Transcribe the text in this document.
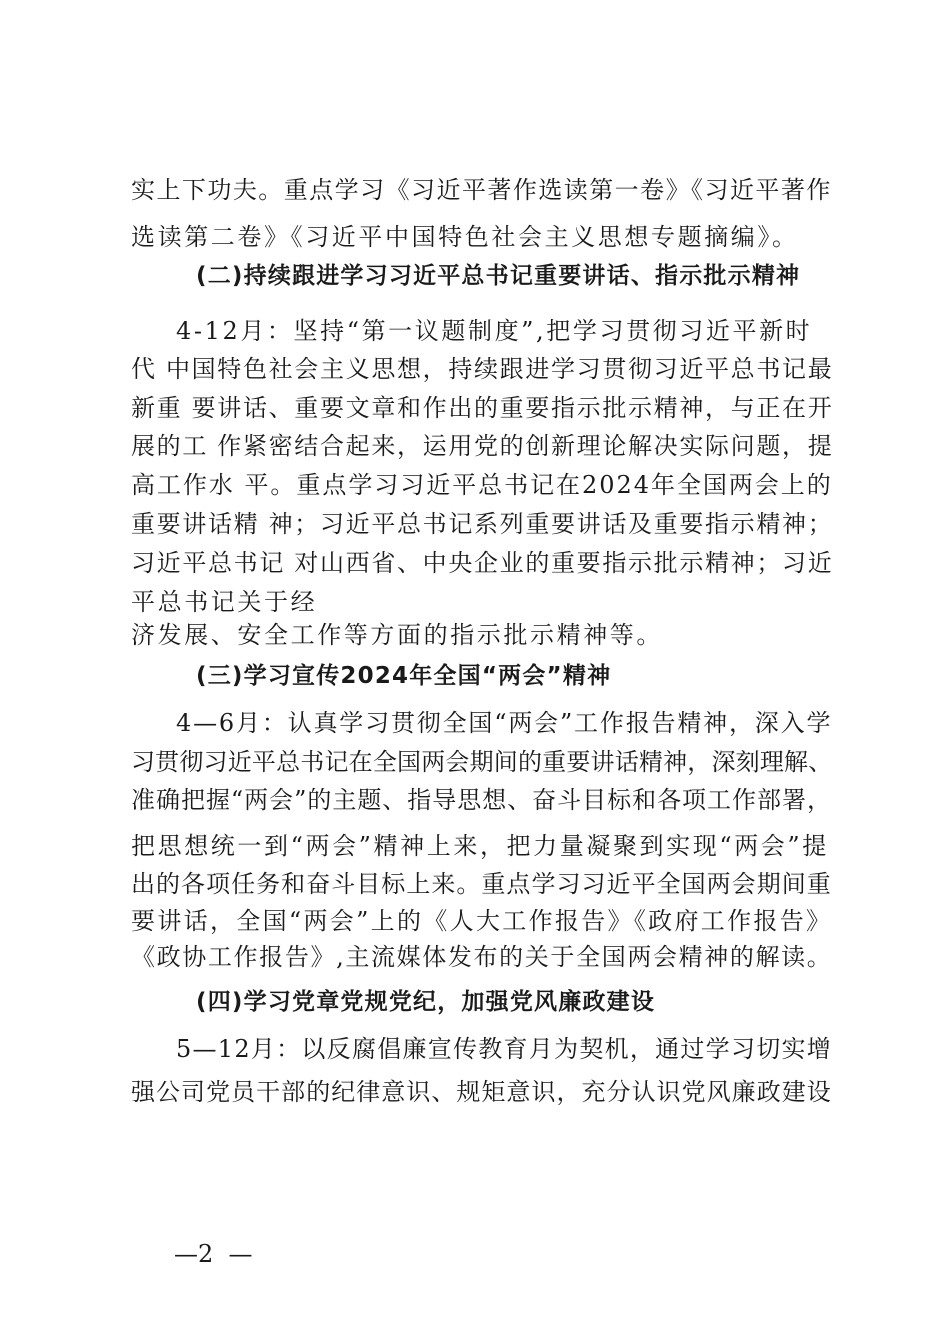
实上下功夫。重点学习《习近平著作选读第一卷》《习近平著作

选读第二卷》《习近平中国特色社会主义思想专题摘编》。

(二)持续跟进学习习近平总书记重要讲话、指示批示精神

4-12月：坚持“第一议题制度”,把学习贯彻习近平新时

代 中国特色社会主义思想，持续跟进学习贯彻习近平总书记最

新重 要讲话、重要文章和作出的重要指示批示精神，与正在开

展的工 作紧密结合起来，运用党的创新理论解决实际问题，提

高工作水 平。重点学习习近平总书记在2024年全国两会上的

重要讲话精 神；习近平总书记系列重要讲话及重要指示精神；

习近平总书记 对山西省、中央企业的重要指示批示精神；习近

平总书记关于经

济发展、安全工作等方面的指示批示精神等。

(三)学习宣传2024年全国“两会”精神

4—6月：认真学习贯彻全国“两会”工作报告精神，深入学

习贯彻习近平总书记在全国两会期间的重要讲话精神，深刻理解、

准确把握“两会”的主题、指导思想、奋斗目标和各项工作部署，

把思想统一到“两会”精神上来，把力量凝聚到实现“两会”提

出的各项任务和奋斗目标上来。重点学习习近平全国两会期间重

要讲话，全国“两会”上的《人大工作报告》《政府工作报告》

《政协工作报告》,主流媒体发布的关于全国两会精神的解读。

(四)学习党章党规党纪，加强党风廉政建设

5—12月：以反腐倡廉宣传教育月为契机，通过学习切实增

强公司党员干部的纪律意识、规矩意识，充分认识党风廉政建设

—2  —
